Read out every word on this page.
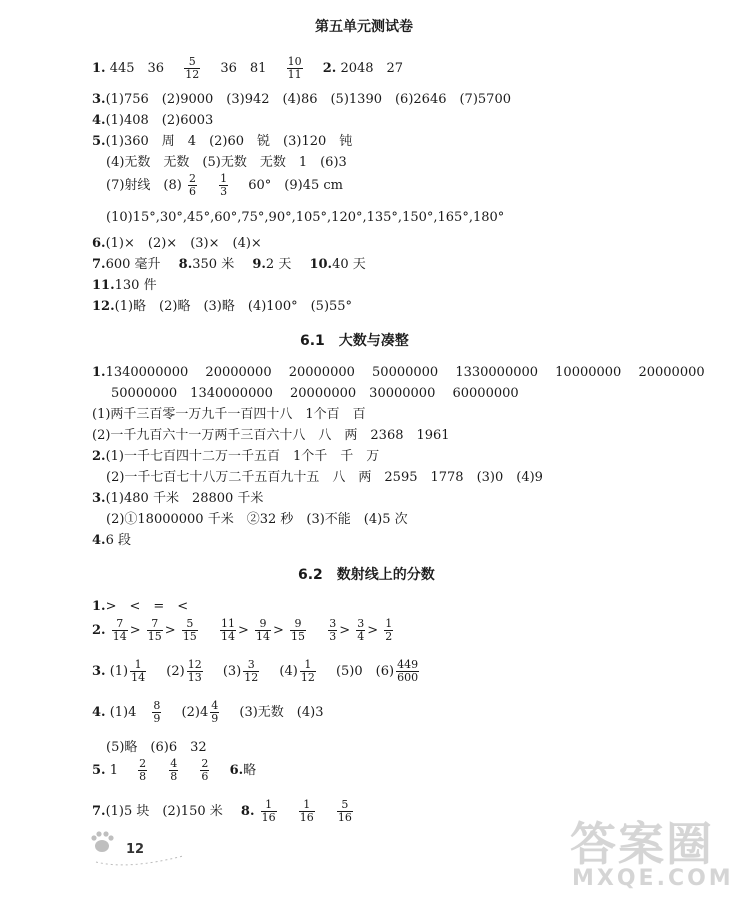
第五单元测试卷
1. 445　$36 \frac{5}{12} 36$　$81 \frac{10}{11} 2$. 2048　27
3.(1)756　(2)9000　(3)942　(4)86　(5)1390　(6)2646　(7)5700
4.(1)408　(2)6003
5.(1)360　周　4　(2)60　锐　(3)120　钝
(4)无数　无数　(5)无数　无数　1　(6)3
(7)射线　$(8) \frac{2}{6}$
$\frac{1}{3} 60^\circ$　(9)45 cm
(10)15°,30°,45°,60°,75°,90°,105°,120°,135°,150°,165°,180°
6.(1)×　(2)×　(3)×　(4)×
7.600 毫升 8.350 米 9.2 天 10.40 天
11.130 件
12.(1)略　(2)略　(3)略　(4)100°　(5)55°
6.1　大数与凑整
1.1340000000　 20000000　 20000000　 50000000　 1330000000　 10000000　 20000000
50000000　1340000000　 20000000　30000000　 60000000
(1)两千三百零一万九千一百四十八　1个百　百
(2)一千九百六十一万两千三百六十八　八　两　2368　1961
2.(1)一千七百四十二万一千五百　1个千　千　万
(2)一千七百七十八万二千五百九十五　八　两　2595　1778　(3)0　(4)9
3.(1)480 千米　28800 千米
(2)①18000000 千米　②32 秒　(3)不能　(4)5 次
4.6 段
6.2　数射线上的分数
1.>　<　=　<
2. $\frac{7}{14} > \frac{7}{15} > \frac{5}{15}$
$\frac{11}{14} > \frac{9}{14} > \frac{9}{15}$
$\frac{3}{3} > \frac{3}{4} > \frac{1}{2}$
3. $(1) \frac{1}{14} (2) \frac{12}{13} (3) \frac{3}{12} (4) \frac{1}{12} (5)0$　$(6) \frac{449}{600}$
4. $(1)4 \frac{8}{9} (2)4 \frac{4}{9} (3)$无数　(4)3
(5)略　(6)6　32
5. $1 \frac{2}{8}$
$\frac{4}{8}$
$\frac{2}{6} 6$.略
7.(1)5 块　(2)150 米 8. $\frac{1}{16}$
$\frac{1}{16}$
$\frac{5}{16}$
12	答案圈
MXQE.COM
